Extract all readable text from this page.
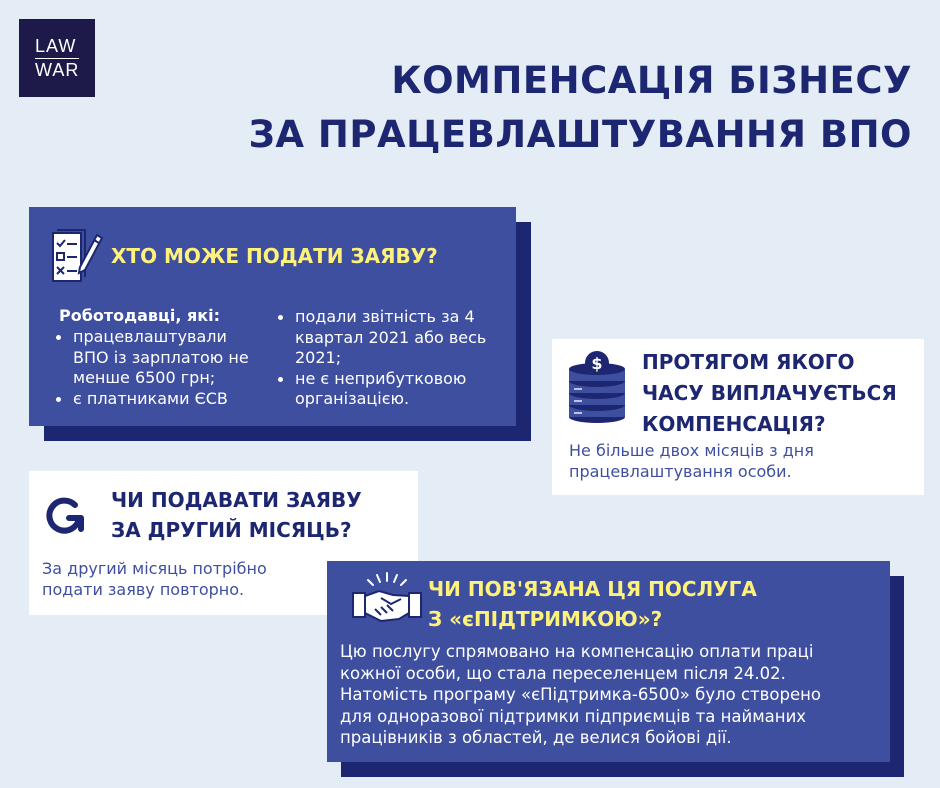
LAW
WAR	КОМПЕНСАЦІЯ БІЗНЕСУ
ЗА ПРАЦЕВЛАШТУВАННЯ ВПО
ХТО МОЖЕ ПОДАТИ ЗАЯВУ?
Роботодавці, які:
працевлаштували ВПО із зарплатою не менше 6500 грн;
є платниками ЄСВ
подали звітність за 4 квартал 2021 або весь 2021;
не є неприбутковою організацією.
$ ПРОТЯГОМ ЯКОГО
ЧАСУ ВИПЛАЧУЄТЬСЯ
КОМПЕНСАЦІЯ?
Не більше двох місяців з дня
працевлаштування особи.
ЧИ ПОДАВАТИ ЗАЯВУ
ЗА ДРУГИЙ МІСЯЦЬ?
За другий місяць потрібно
подати заяву повторно.	ЧИ ПОВ'ЯЗАНА ЦЯ ПОСЛУГА
З «єПІДТРИМКОЮ»?
Цю послугу спрямовано на компенсацію оплати праці
кожної особи, що стала переселенцем після 24.02.
Натомість програму «єПідтримка-6500» було створено
для одноразової підтримки підприємців та найманих
працівників з областей, де велися бойові дії.
